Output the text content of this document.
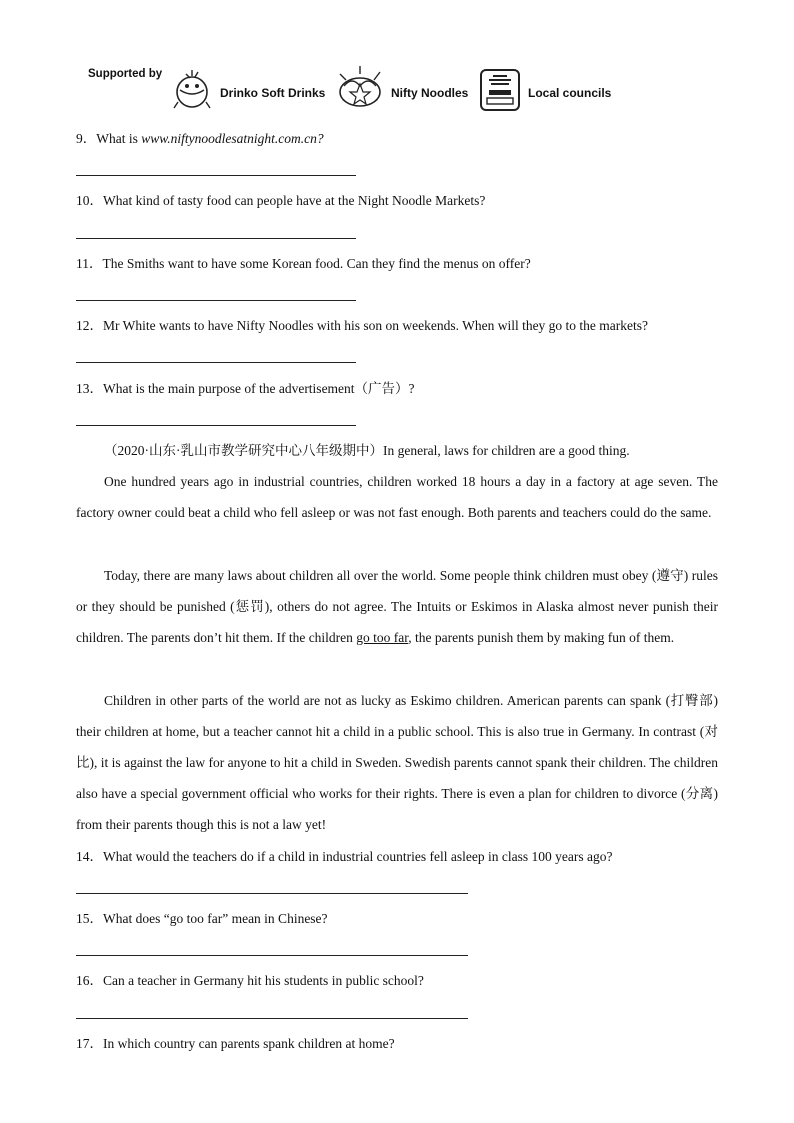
Supported by
Drinko Soft Drinks	Nifty Noodles	Local councils
9．What is www.niftynoodlesatnight.com.cn?
10．What kind of tasty food can people have at the Night Noodle Markets?
11．The Smiths want to have some Korean food. Can they find the menus on offer?
12．Mr White wants to have Nifty Noodles with his son on weekends. When will they go to the markets?
13．What is the main purpose of the advertisement（广告）?
（2020·山东·乳山市教学研究中心八年级期中）In general, laws for children are a good thing.
One hundred years ago in industrial countries, children worked 18 hours a day in a factory at age seven. The factory owner could beat a child who fell asleep or was not fast enough. Both parents and teachers could do the same.
Today, there are many laws about children all over the world. Some people think children must obey (遵守) rules or they should be punished (惩罚), others do not agree. The Intuits or Eskimos in Alaska almost never punish their children. The parents don’t hit them. If the children go too far, the parents punish them by making fun of them.
Children in other parts of the world are not as lucky as Eskimo children. American parents can spank (打臀部) their children at home, but a teacher cannot hit a child in a public school. This is also true in Germany. In contrast (对比), it is against the law for anyone to hit a child in Sweden. Swedish parents cannot spank their children. The children also have a special government official who works for their rights. There is even a plan for children to divorce (分离) from their parents though this is not a law yet!
14．What would the teachers do if a child in industrial countries fell asleep in class 100 years ago?
15．What does “go too far” mean in Chinese?
16．Can a teacher in Germany hit his students in public school?
17．In which country can parents spank children at home?
